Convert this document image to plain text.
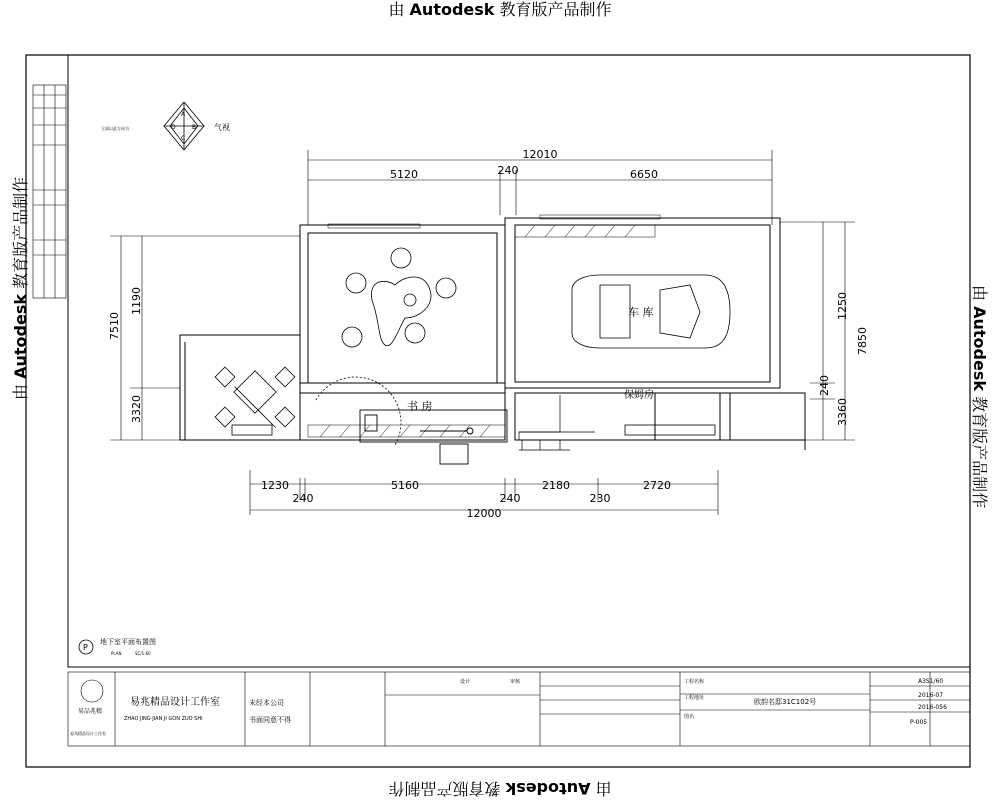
由 Autodesk 教育版产品制作
由 Autodesk 教育版产品制作
由 Autodesk 教育版产品制作
由 Autodesk 教育版产品制作
立面以此方向为	气视
A
B
C
D
12010
5120	240	6650
7510
1190
3320
1250
240
3360
7850
1230	5160	2180	2720
240	240	230
12000
车 库
书 房
保姆房
P
地下室平面布置图
PLAN	SC/1:60
易品兆精
易兆精品设计工作室
易兆精品设计工作室
ZHAO JING JIAN JI GON ZUO SHI
未经本公司
书面同意不得
设计	审核	工程名称
工程地址	欧韵名邸31C102号
图名
A3S1/60
2016-07
2016-056
P-005
